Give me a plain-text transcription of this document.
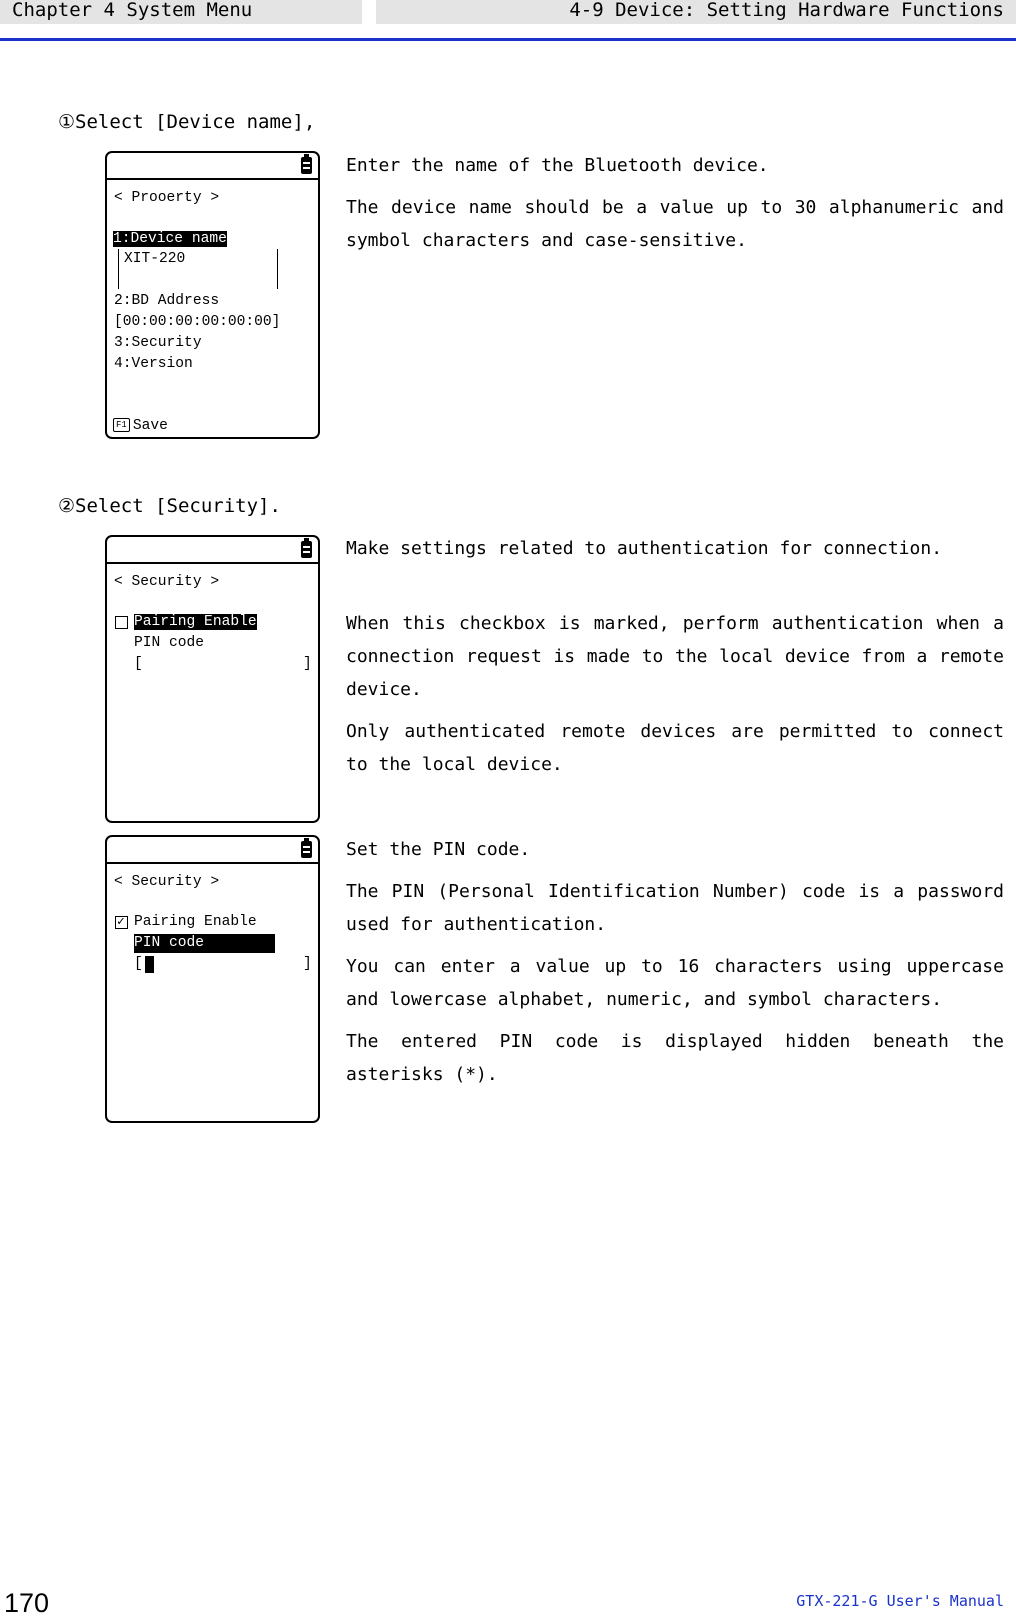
Chapter 4 System Menu	4-9 Device: Setting Hardware Functions
①Select [Device name],
< Prooerty >
1:Device name
XIT-220
2:BD Address
[00:00:00:00:00:00]
3:Security
4:Version
F1 Save

Enter the name of the Bluetooth device.

The device name should be a value up to 30 alphanumeric and symbol characters and case-sensitive.

②Select [Security].
< Security >
Pairing Enable
PIN code
[	]

Make settings related to authentication for connection.

When this checkbox is marked, perform authentication when a connection request is made to the local device from a remote device.

Only authenticated remote devices are permitted to connect to the local device.

< Security >
✓ Pairing Enable
PIN code
[	]

Set the PIN code.

The PIN (Personal Identification Number) code is a password used for authentication.

You can enter a value up to 16 characters using uppercase and lowercase alphabet, numeric, and symbol characters.

The entered PIN code is displayed hidden beneath the asterisks (*).

170	GTX-221-G User's Manual
